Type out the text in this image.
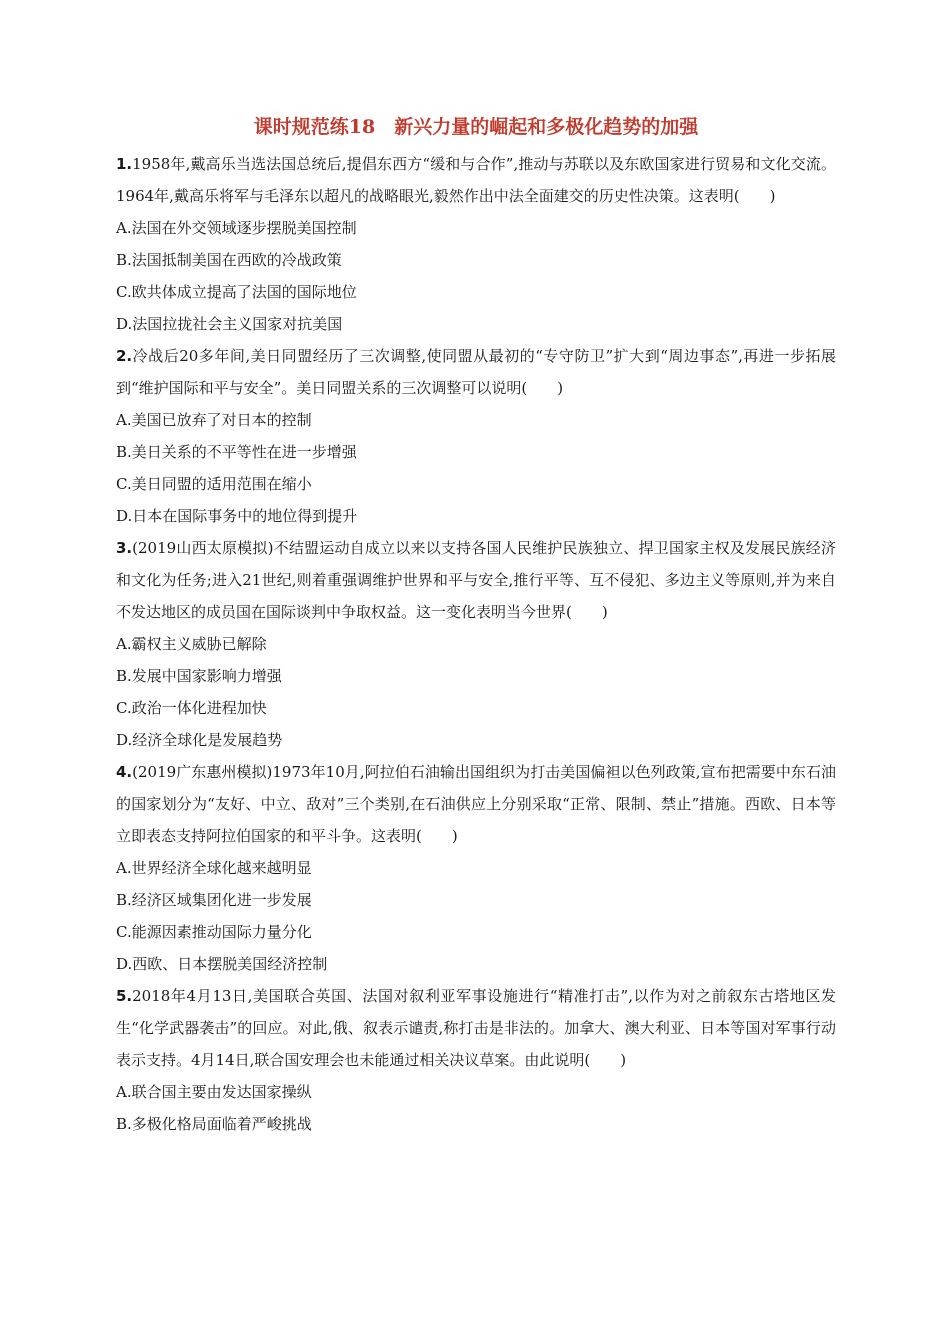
课时规范练18　新兴力量的崛起和多极化趋势的加强

1.1958年,戴高乐当选法国总统后,提倡东西方“缓和与合作”,推动与苏联以及东欧国家进行贸易和文化交流。1964年,戴高乐将军与毛泽东以超凡的战略眼光,毅然作出中法全面建交的历史性决策。这表明(　　)

A.法国在外交领域逐步摆脱美国控制

B.法国抵制美国在西欧的冷战政策

C.欧共体成立提高了法国的国际地位

D.法国拉拢社会主义国家对抗美国

2.冷战后20多年间,美日同盟经历了三次调整,使同盟从最初的“专守防卫”扩大到“周边事态”,再进一步拓展到“维护国际和平与安全”。美日同盟关系的三次调整可以说明(　　)

A.美国已放弃了对日本的控制

B.美日关系的不平等性在进一步增强

C.美日同盟的适用范围在缩小

D.日本在国际事务中的地位得到提升

3.(2019山西太原模拟)不结盟运动自成立以来以支持各国人民维护民族独立、捍卫国家主权及发展民族经济和文化为任务;进入21世纪,则着重强调维护世界和平与安全,推行平等、互不侵犯、多边主义等原则,并为来自不发达地区的成员国在国际谈判中争取权益。这一变化表明当今世界(　　)

A.霸权主义威胁已解除

B.发展中国家影响力增强

C.政治一体化进程加快

D.经济全球化是发展趋势

4.(2019广东惠州模拟)1973年10月,阿拉伯石油输出国组织为打击美国偏袒以色列政策,宣布把需要中东石油的国家划分为“友好、中立、敌对”三个类别,在石油供应上分别采取“正常、限制、禁止”措施。西欧、日本等立即表态支持阿拉伯国家的和平斗争。这表明(　　)

A.世界经济全球化越来越明显

B.经济区域集团化进一步发展

C.能源因素推动国际力量分化

D.西欧、日本摆脱美国经济控制

5.2018年4月13日,美国联合英国、法国对叙利亚军事设施进行“精准打击”,以作为对之前叙东古塔地区发生“化学武器袭击”的回应。对此,俄、叙表示谴责,称打击是非法的。加拿大、澳大利亚、日本等国对军事行动表示支持。4月14日,联合国安理会也未能通过相关决议草案。由此说明(　　)

A.联合国主要由发达国家操纵

B.多极化格局面临着严峻挑战
